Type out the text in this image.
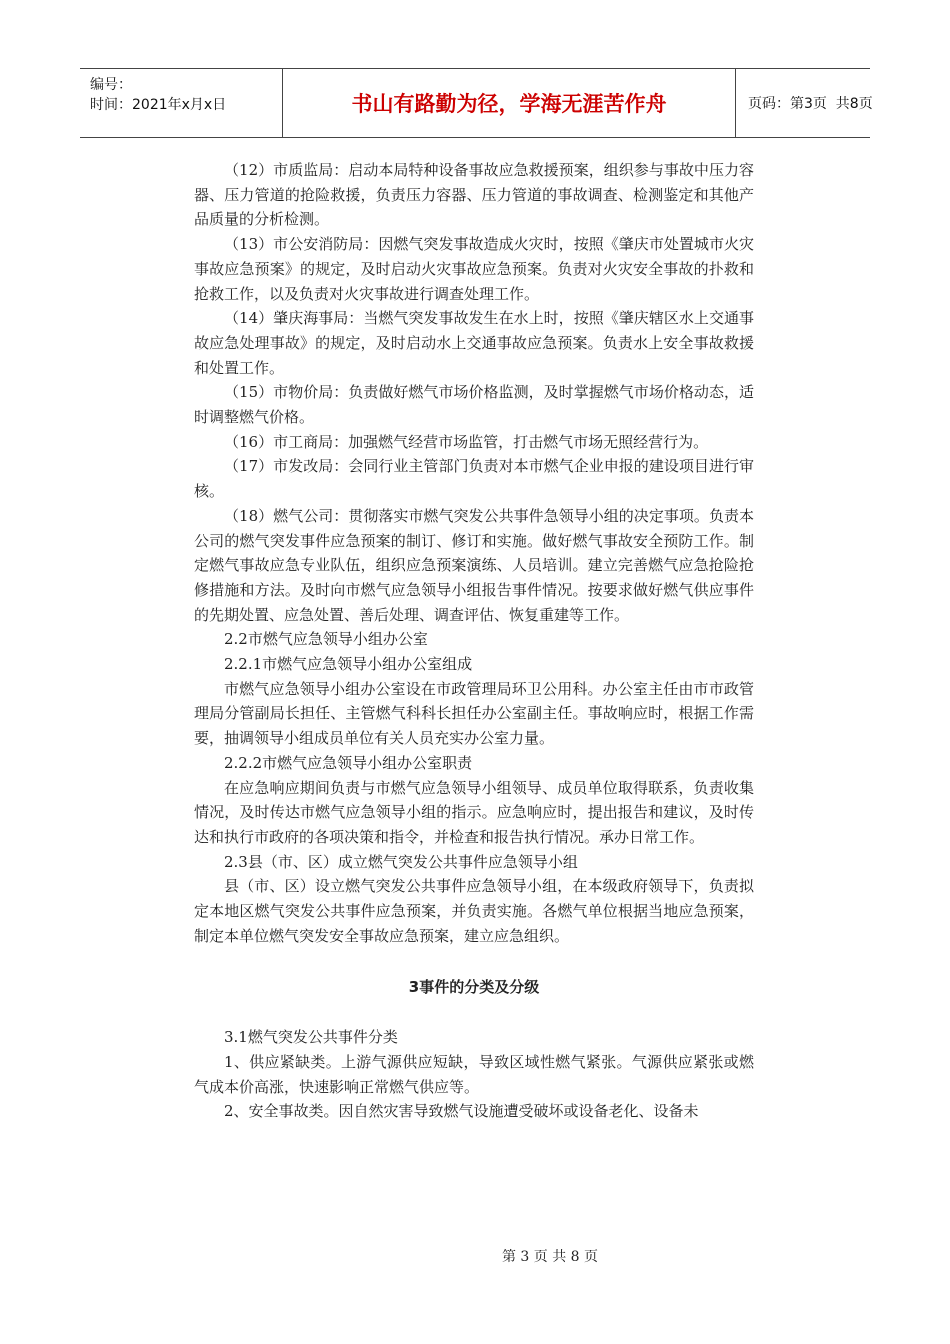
编号：
时间：2021年x月x日	书山有路勤为径，学海无涯苦作舟	页码：第3页  共8页

（12）市质监局：启动本局特种设备事故应急救援预案，组织参与事故中压力容器、压力管道的抢险救援，负责压力容器、压力管道的事故调查、检测鉴定和其他产品质量的分析检测。

（13）市公安消防局：因燃气突发事故造成火灾时，按照《肇庆市处置城市火灾事故应急预案》的规定，及时启动火灾事故应急预案。负责对火灾安全事故的扑救和抢救工作，以及负责对火灾事故进行调查处理工作。

（14）肇庆海事局：当燃气突发事故发生在水上时，按照《肇庆辖区水上交通事故应急处理事故》的规定，及时启动水上交通事故应急预案。负责水上安全事故救援和处置工作。

（15）市物价局：负责做好燃气市场价格监测，及时掌握燃气市场价格动态，适时调整燃气价格。

（16）市工商局：加强燃气经营市场监管，打击燃气市场无照经营行为。

（17）市发改局：会同行业主管部门负责对本市燃气企业申报的建设项目进行审核。

（18）燃气公司：贯彻落实市燃气突发公共事件急领导小组的决定事项。负责本公司的燃气突发事件应急预案的制订、修订和实施。做好燃气事故安全预防工作。制定燃气事故应急专业队伍，组织应急预案演练、人员培训。建立完善燃气应急抢险抢修措施和方法。及时向市燃气应急领导小组报告事件情况。按要求做好燃气供应事件的先期处置、应急处置、善后处理、调查评估、恢复重建等工作。

2.2市燃气应急领导小组办公室

2.2.1市燃气应急领导小组办公室组成

市燃气应急领导小组办公室设在市政管理局环卫公用科。办公室主任由市市政管理局分管副局长担任、主管燃气科科长担任办公室副主任。事故响应时，根据工作需要，抽调领导小组成员单位有关人员充实办公室力量。

2.2.2市燃气应急领导小组办公室职责

在应急响应期间负责与市燃气应急领导小组领导、成员单位取得联系，负责收集情况，及时传达市燃气应急领导小组的指示。应急响应时，提出报告和建议，及时传达和执行市政府的各项决策和指令，并检查和报告执行情况。承办日常工作。

2.3县（市、区）成立燃气突发公共事件应急领导小组

县（市、区）设立燃气突发公共事件应急领导小组，在本级政府领导下，负责拟定本地区燃气突发公共事件应急预案，并负责实施。各燃气单位根据当地应急预案，制定本单位燃气突发安全事故应急预案，建立应急组织。

3事件的分类及分级

3.1燃气突发公共事件分类

1、供应紧缺类。上游气源供应短缺，导致区域性燃气紧张。气源供应紧张或燃气成本价高涨，快速影响正常燃气供应等。

2、安全事故类。因自然灾害导致燃气设施遭受破坏或设备老化、设备未

第 3 页 共 8 页
